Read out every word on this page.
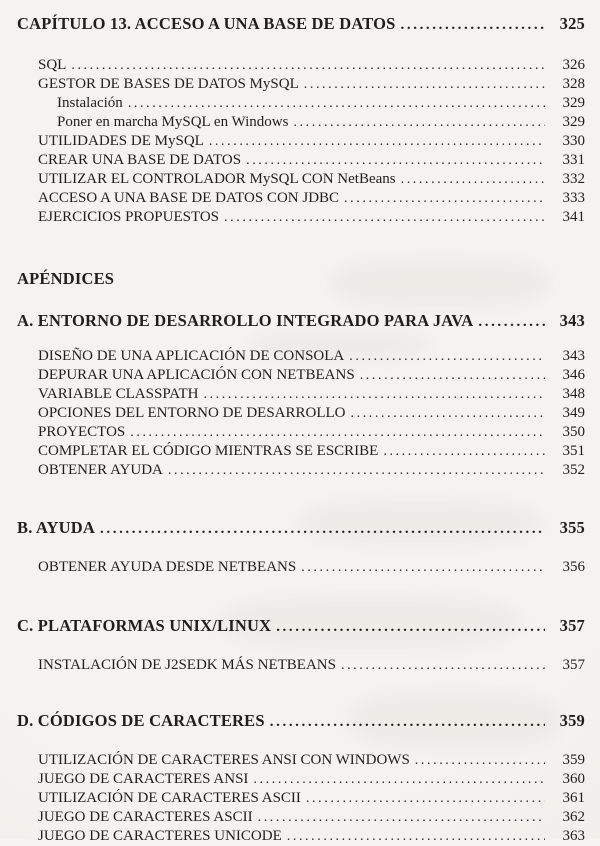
CAPÍTULO 13. ACCESO A UNA BASE DE DATOS .....	325
SQL .....	326
GESTOR DE BASES DE DATOS MySQL .....	328
Instalación .....	329
Poner en marcha MySQL en Windows .....	329
UTILIDADES DE MySQL .....	330
CREAR UNA BASE DE DATOS .....	331
UTILIZAR EL CONTROLADOR MySQL CON NetBeans .....	332
ACCESO A UNA BASE DE DATOS CON JDBC .....	333
EJERCICIOS PROPUESTOS .....	341
APÉNDICES
A. ENTORNO DE DESARROLLO INTEGRADO PARA JAVA .....	343
DISEÑO DE UNA APLICACIÓN DE CONSOLA .....	343
DEPURAR UNA APLICACIÓN CON NETBEANS .....	346
VARIABLE CLASSPATH .....	348
OPCIONES DEL ENTORNO DE DESARROLLO .....	349
PROYECTOS .....	350
COMPLETAR EL CÓDIGO MIENTRAS SE ESCRIBE .....	351
OBTENER AYUDA .....	352
B. AYUDA .....	355
OBTENER AYUDA DESDE NETBEANS .....	356
C. PLATAFORMAS UNIX/LINUX .....	357
INSTALACIÓN DE J2SEDK MÁS NETBEANS .....	357
D. CÓDIGOS DE CARACTERES .....	359
UTILIZACIÓN DE CARACTERES ANSI CON WINDOWS .....	359
JUEGO DE CARACTERES ANSI .....	360
UTILIZACIÓN DE CARACTERES ASCII .....	361
JUEGO DE CARACTERES ASCII .....	362
JUEGO DE CARACTERES UNICODE .....	363
